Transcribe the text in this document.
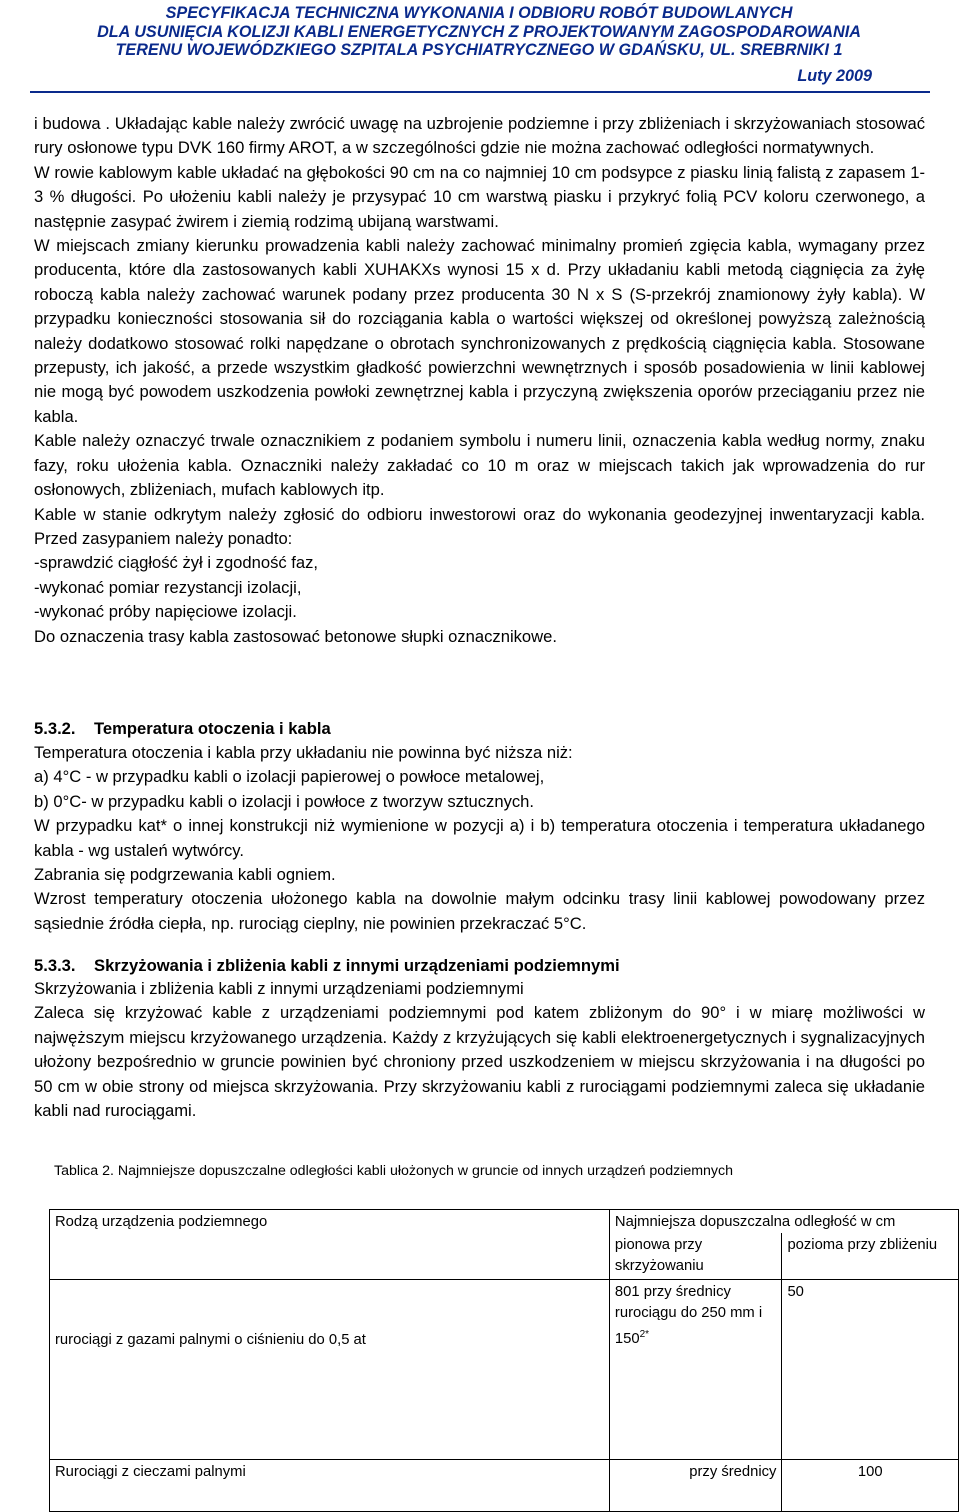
SPECYFIKACJA TECHNICZNA WYKONANIA I ODBIORU ROBÓT BUDOWLANYCH
DLA USUNIĘCIA KOLIZJI KABLI ENERGETYCZNYCH Z PROJEKTOWANYM ZAGOSPODAROWANIA
TERENU WOJEWÓDZKIEGO SZPITALA PSYCHIATRYCZNEGO W GDAŃSKU, UL. SREBRNIKI 1
Luty 2009

i budowa . Układając kable należy zwrócić uwagę na uzbrojenie podziemne i przy zbliżeniach i skrzyżowaniach stosować rury osłonowe typu DVK 160 firmy AROT, a w szczególności gdzie nie można zachować odległości normatywnych.

W rowie kablowym kable układać na głębokości 90 cm na co najmniej 10 cm podsypce z piasku linią falistą z zapasem 1-3 % długości. Po ułożeniu kabli należy je przysypać 10 cm warstwą piasku i przykryć folią PCV koloru czerwonego, a następnie zasypać żwirem i ziemią rodzimą ubijaną warstwami.

W miejscach zmiany kierunku prowadzenia kabli należy zachować minimalny promień zgięcia kabla, wymagany przez producenta, które dla zastosowanych kabli XUHAKXs wynosi 15 x d. Przy układaniu kabli metodą ciągnięcia za żyłę roboczą kabla należy zachować warunek podany przez producenta 30 N x S (S-przekrój znamionowy żyły kabla). W przypadku konieczności stosowania sił do rozciągania kabla o wartości większej od określonej powyższą zależnością należy dodatkowo stosować rolki napędzane o obrotach synchronizowanych z prędkością ciągnięcia kabla. Stosowane przepusty, ich jakość, a przede wszystkim gładkość powierzchni wewnętrznych i sposób posadowienia w linii kablowej nie mogą być powodem uszkodzenia powłoki zewnętrznej kabla i przyczyną zwiększenia oporów przeciąganiu przez nie kabla.

Kable należy oznaczyć trwale oznacznikiem z podaniem symbolu i numeru linii, oznaczenia kabla według normy, znaku fazy, roku ułożenia kabla. Oznaczniki należy zakładać co 10 m oraz w miejscach takich jak wprowadzenia do rur osłonowych, zbliżeniach, mufach kablowych itp.

Kable w stanie odkrytym należy zgłosić do odbioru inwestorowi oraz do wykonania geodezyjnej inwentaryzacji kabla. Przed zasypaniem należy ponadto:

-sprawdzić ciągłość żył i zgodność faz,
-wykonać pomiar rezystancji izolacji,
-wykonać próby napięciowe izolacji.
Do oznaczenia trasy kabla zastosować betonowe słupki oznacznikowe.
5.3.2. Temperatura otoczenia i kabla
Temperatura otoczenia i kabla przy układaniu nie powinna być niższa niż:
a) 4°C - w przypadku kabli o izolacji papierowej o powłoce metalowej,
b) 0°C- w przypadku kabli o izolacji i powłoce z tworzyw sztucznych.

W przypadku kat* o innej konstrukcji niż wymienione w pozycji a) i b) temperatura otoczenia i temperatura układanego kabla - wg ustaleń wytwórcy.

Zabrania się podgrzewania kabli ogniem.

Wzrost temperatury otoczenia ułożonego kabla na dowolnie małym odcinku trasy linii kablowej powodowany przez sąsiednie źródła ciepła, np. rurociąg cieplny, nie powinien przekraczać 5°C.

5.3.3. Skrzyżowania i zbliżenia kabli z innymi urządzeniami podziemnymi
Skrzyżowania i zbliżenia kabli z innymi urządzeniami podziemnymi

Zaleca się krzyżować kable z urządzeniami podziemnymi pod katem zbliżonym do 90° i w miarę możliwości w najwęższym miejscu krzyżowanego urządzenia. Każdy z krzyżujących się kabli elektroenergetycznych i sygnalizacyjnych ułożony bezpośrednio w gruncie powinien być chroniony przed uszkodzeniem w miejscu skrzyżowania i na długości po 50 cm w obie strony od miejsca skrzyżowania. Przy skrzyżowaniu kabli z rurociągami podziemnymi zaleca się układanie kabli nad rurociągami.

Tablica 2. Najmniejsze dopuszczalne odległości kabli ułożonych w gruncie od innych urządzeń podziemnych
Rodzą urządzenia podziemnego	Najmniejsza dopuszczalna odległość w cm	
	pionowa przy skrzyżowaniu	pozioma przy zbliżeniu
rurociągi z gazami palnymi o ciśnieniu do 0,5 at	801 przy średnicy rurociągu do 250 mm i $150^{2*}$	50
Rurociągi z cieczami palnymi	przy średnicy	100
